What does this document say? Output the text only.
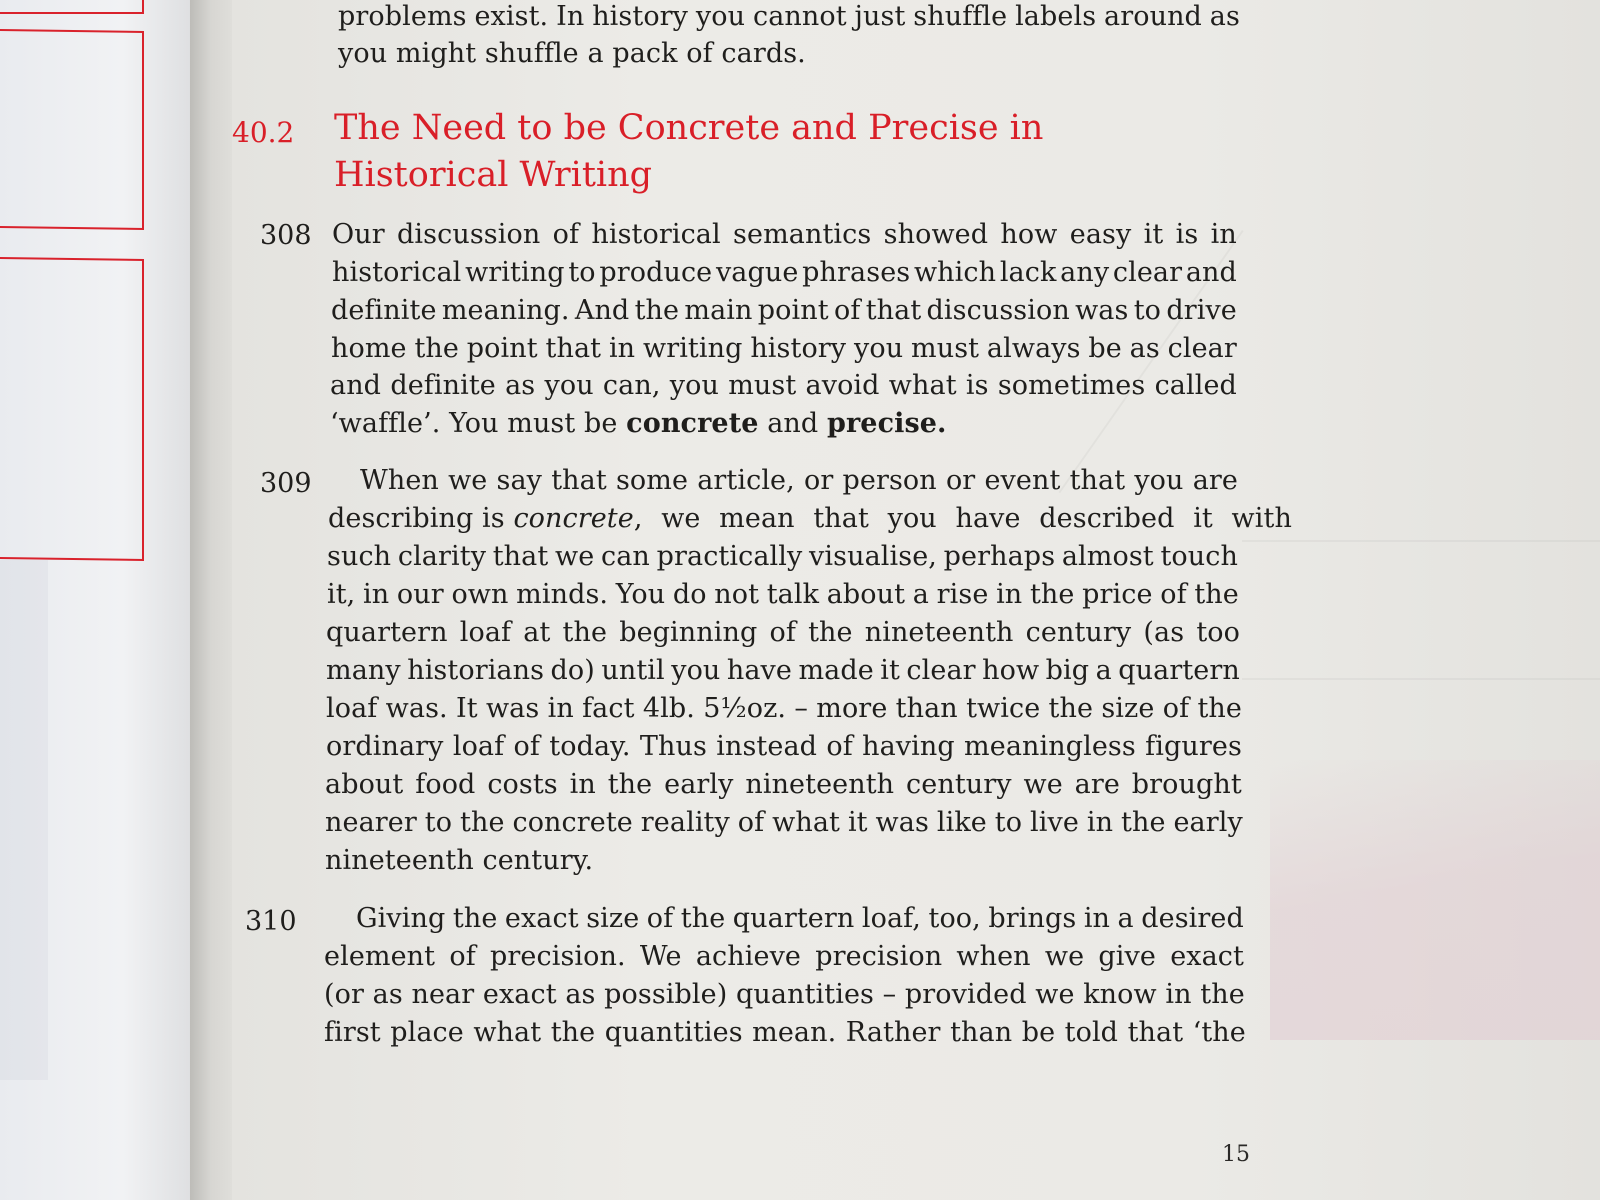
problems exist. In history you cannot just shuffle labels around as
you might shuffle a pack of cards.
40.2 The Need to be Concrete and Precise in
Historical Writing
308 Our discussion of historical semantics showed how easy it is in
historical writing to produce vague phrases which lack any clear and
definite meaning. And the main point of that discussion was to drive
home the point that in writing history you must always be as clear
and definite as you can, you must avoid what is sometimes called
‘waffle’. You must be concrete and precise.
309 When we say that some article, or person or event that you are
describing is concrete , we mean that you have described it with
such clarity that we can practically visualise, perhaps almost touch
it, in our own minds. You do not talk about a rise in the price of the
quartern loaf at the beginning of the nineteenth century (as too
many historians do) until you have made it clear how big a quartern
loaf was. It was in fact 4lb. 5½oz. – more than twice the size of the
ordinary loaf of today. Thus instead of having meaningless figures
about food costs in the early nineteenth century we are brought
nearer to the concrete reality of what it was like to live in the early
nineteenth century.
310 Giving the exact size of the quartern loaf, too, brings in a desired
element of precision. We achieve precision when we give exact
(or as near exact as possible) quantities – provided we know in the
first place what the quantities mean. Rather than be told that ‘the
15
